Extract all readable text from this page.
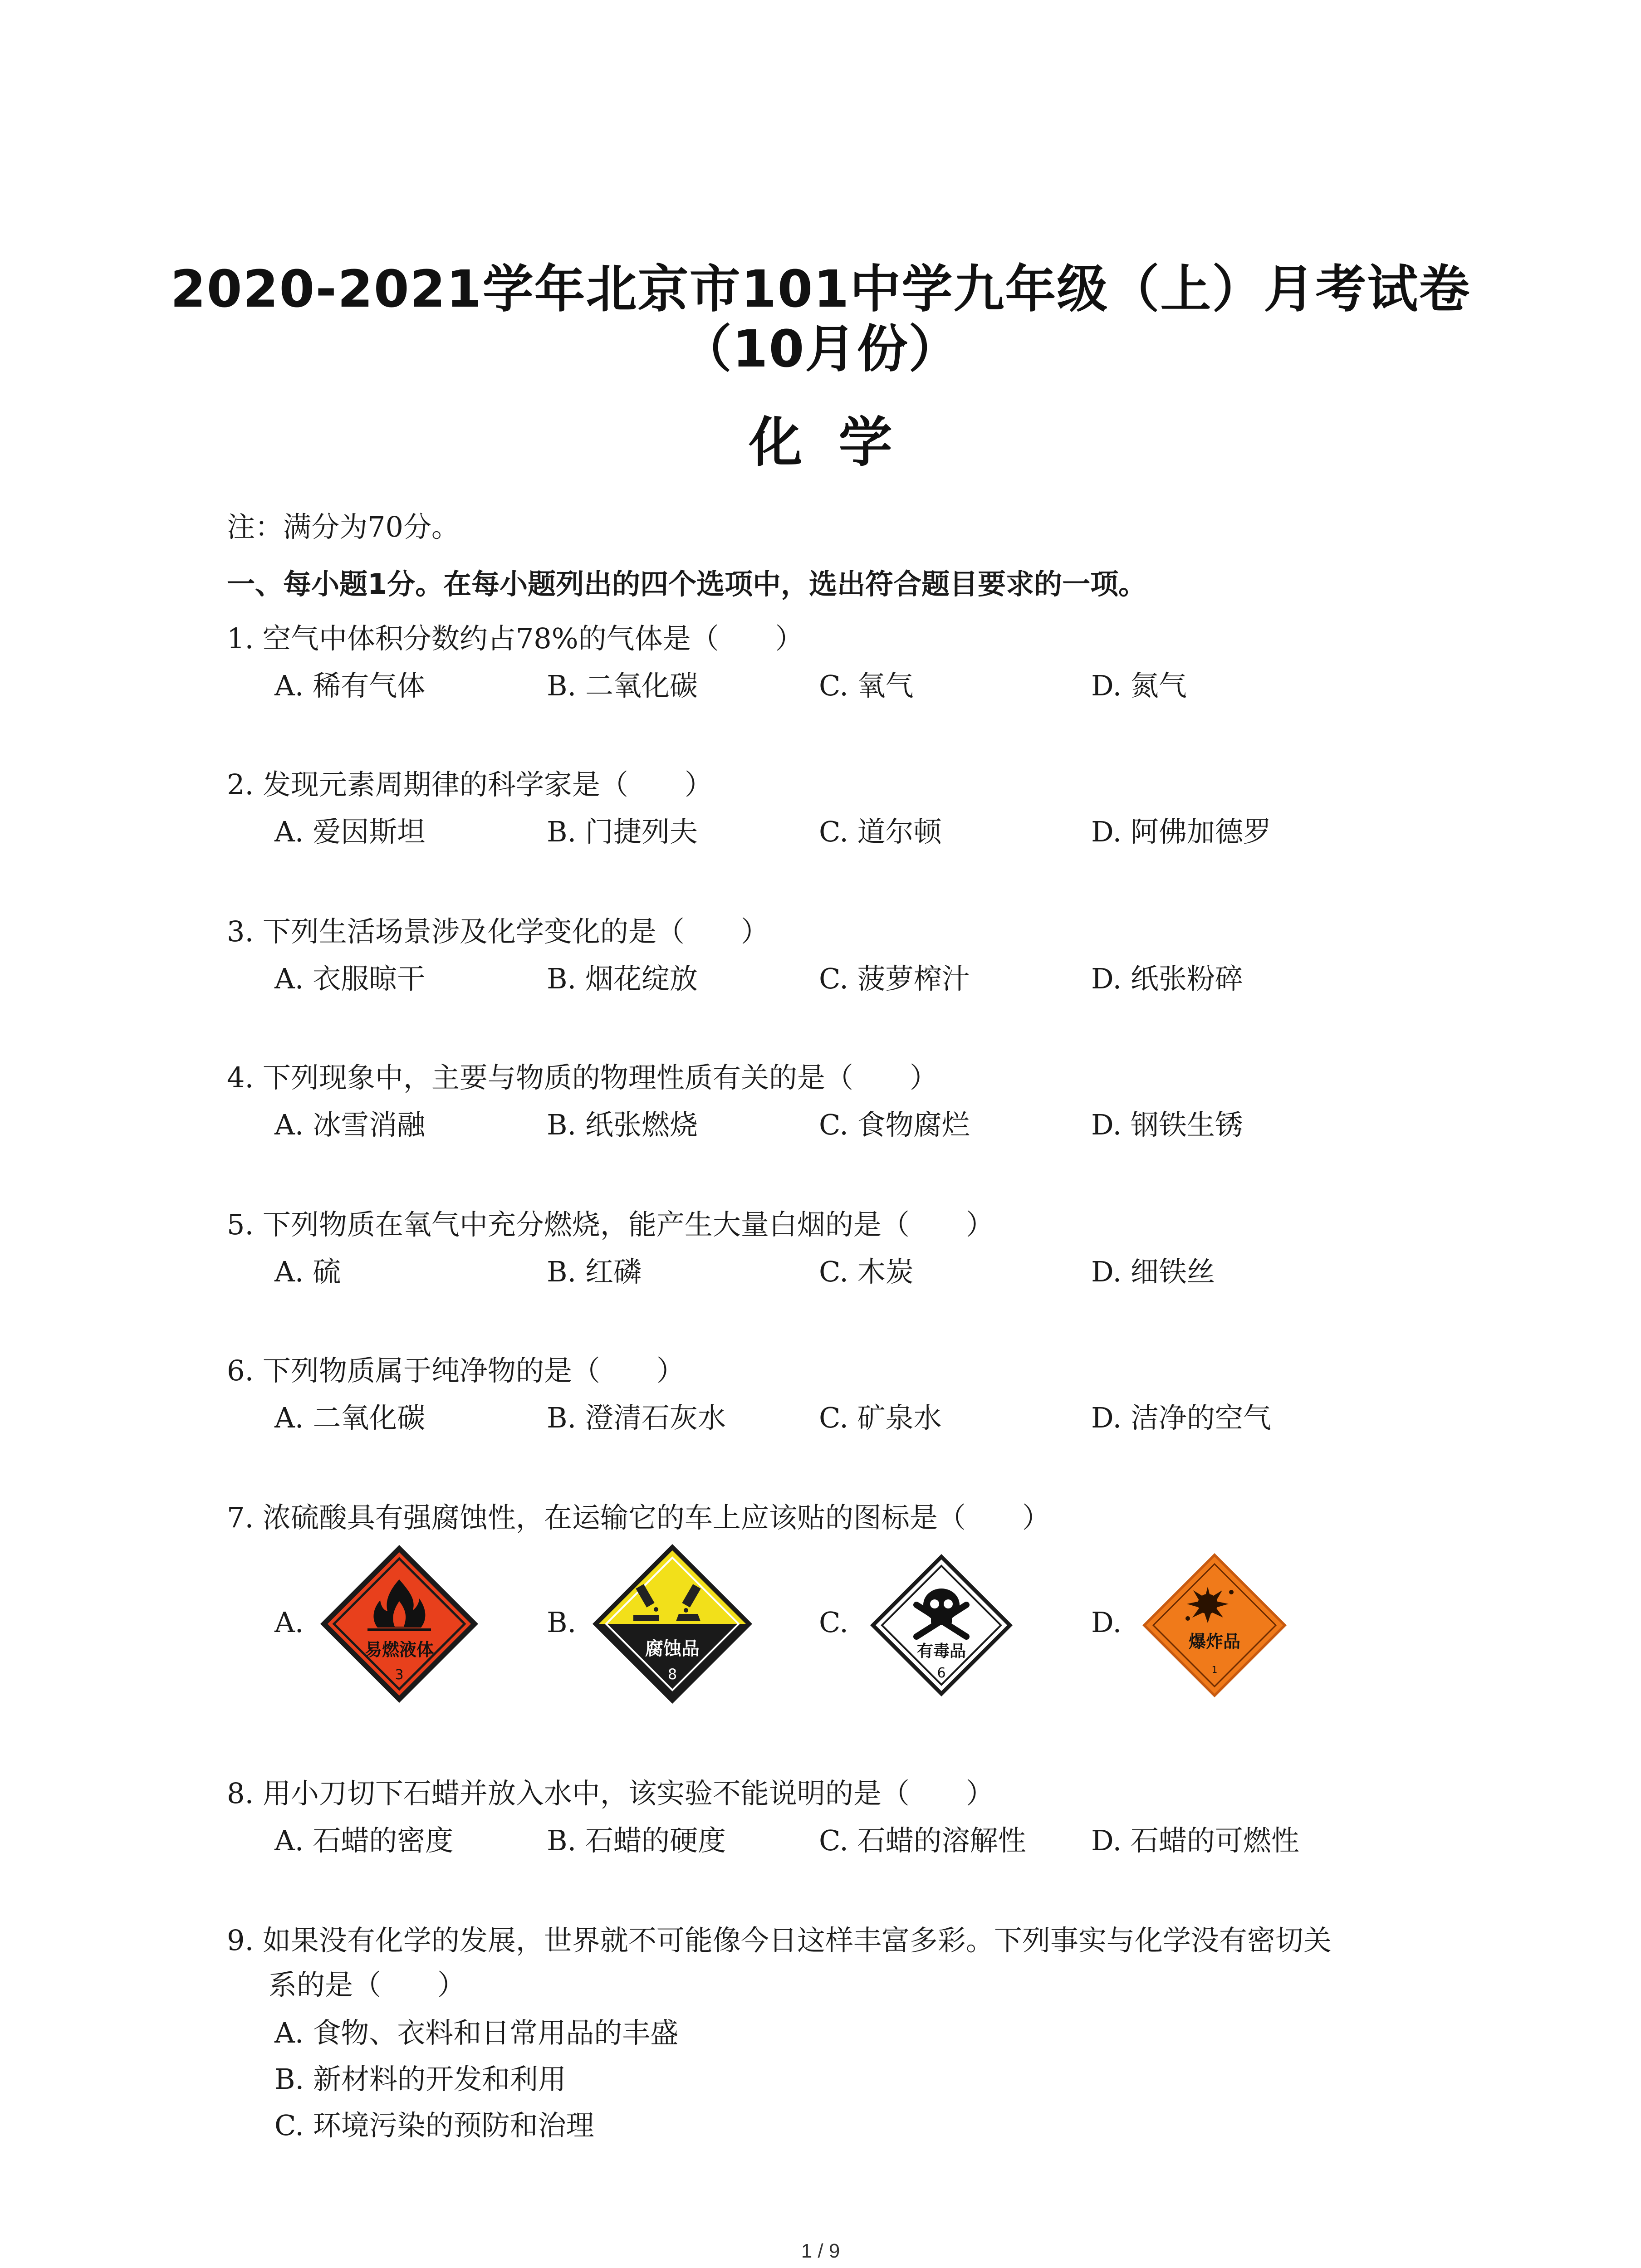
2020-2021学年北京市101中学九年级（上）月考试卷
（10月份）
化学
注：满分为70分。
一、每小题1分。在每小题列出的四个选项中，选出符合题目要求的一项。
1. 空气中体积分数约占78%的气体是（　　）
A. 稀有气体	B. 二氧化碳	C. 氧气	D. 氮气
2. 发现元素周期律的科学家是（　　）
A. 爱因斯坦	B. 门捷列夫	C. 道尔顿	D. 阿佛加德罗
3. 下列生活场景涉及化学变化的是（　　）
A. 衣服晾干	B. 烟花绽放	C. 菠萝榨汁	D. 纸张粉碎
4. 下列现象中，主要与物质的物理性质有关的是（　　）
A. 冰雪消融	B. 纸张燃烧	C. 食物腐烂	D. 钢铁生锈
5. 下列物质在氧气中充分燃烧，能产生大量白烟的是（　　）
A. 硫	B. 红磷	C. 木炭	D. 细铁丝
6. 下列物质属于纯净物的是（　　）
A. 二氧化碳	B. 澄清石灰水	C. 矿泉水	D. 洁净的空气
7. 浓硫酸具有强腐蚀性，在运输它的车上应该贴的图标是（　　）
A.	B.	C.	D.
易燃液体
3
腐蚀品
8
有毒品
6
爆炸品
1
8. 用小刀切下石蜡并放入水中，该实验不能说明的是（　　）
A. 石蜡的密度	B. 石蜡的硬度	C. 石蜡的溶解性 D. 石蜡的可燃性
9. 如果没有化学的发展，世界就不可能像今日这样丰富多彩。下列事实与化学没有密切关
系的是（　　）
A. 食物、衣料和日常用品的丰盛
B. 新材料的开发和利用
C. 环境污染的预防和治理
1 / 9
